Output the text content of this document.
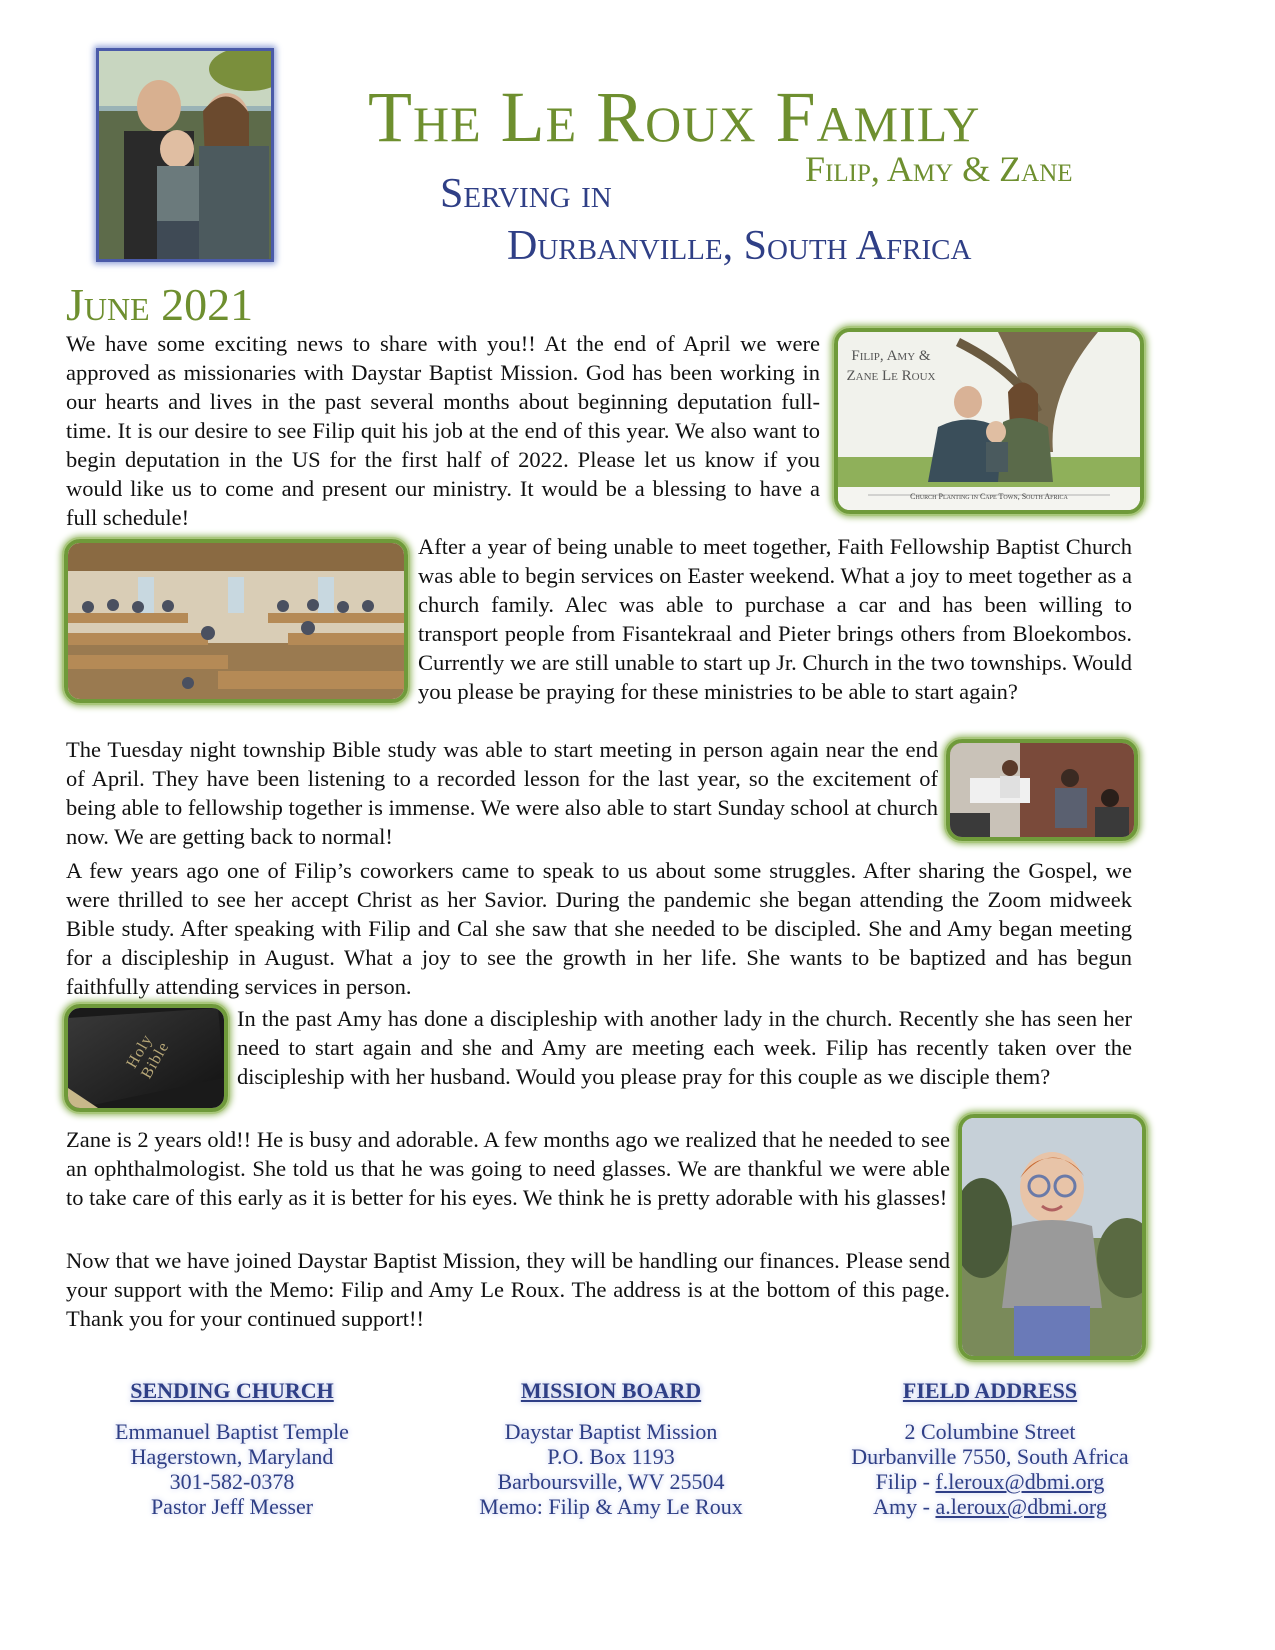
The Le Roux Family
Filip, Amy & Zane
Serving in
Durbanville, South Africa
June 2021

We have some exciting news to share with you!! At the end of April we were approved as missionaries with Daystar Baptist Mission. God has been working in our hearts and lives in the past several months about beginning deputation full-time. It is our desire to see Filip quit his job at the end of this year. We also want to begin deputation in the US for the first half of 2022. Please let us know if you would like us to come and present our ministry. It would be a blessing to have a full schedule!

Filip, Amy & Zane Le Roux
Church Planting in Cape Town, South Africa

After a year of being unable to meet together, Faith Fellowship Baptist Church was able to begin services on Easter weekend. What a joy to meet together as a church family. Alec was able to purchase a car and has been willing to transport people from Fisantekraal and Pieter brings others from Bloekombos. Currently we are still unable to start up Jr. Church in the two townships. Would you please be praying for these ministries to be able to start again?

The Tuesday night township Bible study was able to start meeting in person again near the end of April. They have been listening to a recorded lesson for the last year, so the excitement of being able to fellowship together is immense. We were also able to start Sunday school at church now. We are getting back to normal!

A few years ago one of Filip’s coworkers came to speak to us about some struggles. After sharing the Gospel, we were thrilled to see her accept Christ as her Savior. During the pandemic she began attending the Zoom midweek Bible study. After speaking with Filip and Cal she saw that she needed to be discipled. She and Amy began meeting for a discipleship in August. What a joy to see the growth in her life. She wants to be baptized and has begun faithfully attending services in person.

Holy Bible

In the past Amy has done a discipleship with another lady in the church. Recently she has seen her need to start again and she and Amy are meeting each week. Filip has recently taken over the discipleship with her husband. Would you please pray for this couple as we disciple them?

Zane is 2 years old!! He is busy and adorable. A few months ago we realized that he needed to see an ophthalmologist. She told us that he was going to need glasses. We are thankful we were able to take care of this early as it is better for his eyes. We think he is pretty adorable with his glasses!

Now that we have joined Daystar Baptist Mission, they will be handling our finances. Please send your support with the Memo: Filip and Amy Le Roux. The address is at the bottom of this page. Thank you for your continued support!!

SENDING CHURCH
Emmanuel Baptist Temple
Hagerstown, Maryland
301-582-0378
Pastor Jeff Messer
MISSION BOARD
Daystar Baptist Mission
P.O. Box 1193
Barboursville, WV 25504
Memo: Filip & Amy Le Roux
FIELD ADDRESS
2 Columbine Street
Durbanville 7550, South Africa
Filip - f.leroux@dbmi.org
Amy - a.leroux@dbmi.org
